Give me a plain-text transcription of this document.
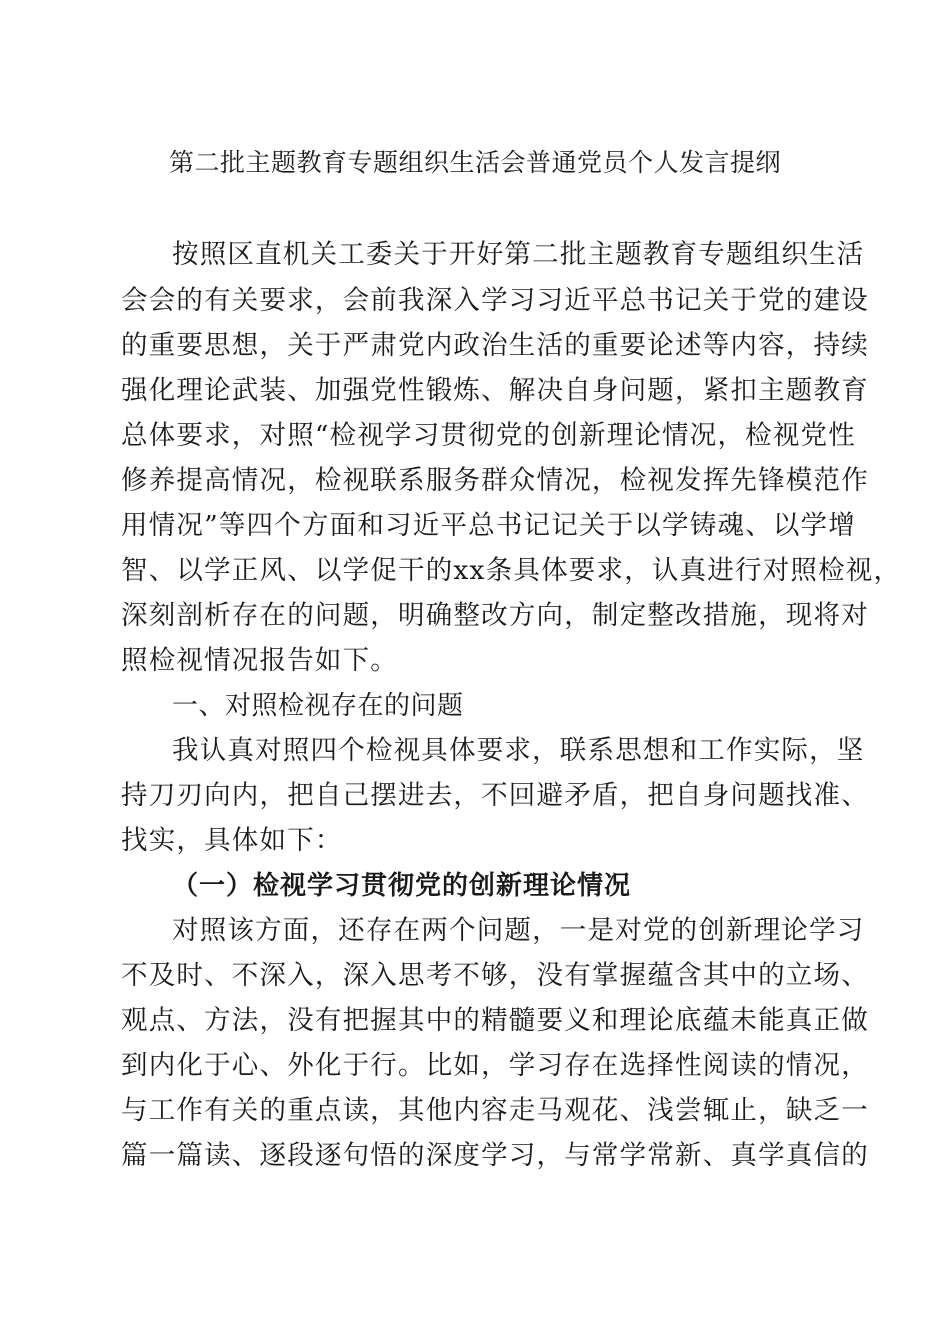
第二批主题教育专题组织生活会普通党员个人发言提纲
按照区直机关工委关于开好第二批主题教育专题组织生活
会会的有关要求，会前我深入学习习近平总书记关于党的建设
的重要思想，关于严肃党内政治生活的重要论述等内容，持续
强化理论武装、加强党性锻炼、解决自身问题，紧扣主题教育
总体要求，对照“检视学习贯彻党的创新理论情况，检视党性
修养提高情况，检视联系服务群众情况，检视发挥先锋模范作
用情况”等四个方面和习近平总书记记关于以学铸魂、以学增
智、以学正风、以学促干的xx条具体要求，认真进行对照检视，
深刻剖析存在的问题，明确整改方向，制定整改措施，现将对
照检视情况报告如下。
一、对照检视存在的问题
我认真对照四个检视具体要求，联系思想和工作实际，坚
持刀刃向内，把自己摆进去，不回避矛盾，把自身问题找准、
找实，具体如下：
（一）检视学习贯彻党的创新理论情况
对照该方面，还存在两个问题，一是对党的创新理论学习
不及时、不深入，深入思考不够，没有掌握蕴含其中的立场、
观点、方法，没有把握其中的精髓要义和理论底蕴未能真正做
到内化于心、外化于行。比如，学习存在选择性阅读的情况，
与工作有关的重点读，其他内容走马观花、浅尝辄止，缺乏一
篇一篇读、逐段逐句悟的深度学习，与常学常新、真学真信的
